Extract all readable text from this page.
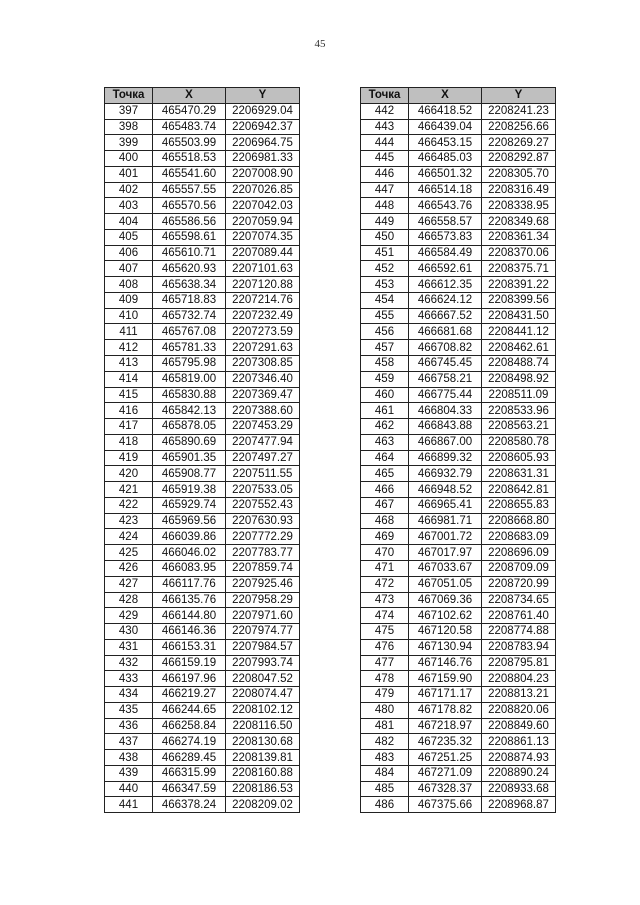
45
Точка	X	Y
397	465470.29	2206929.04
398	465483.74	2206942.37
399	465503.99	2206964.75
400	465518.53	2206981.33
401	465541.60	2207008.90
402	465557.55	2207026.85
403	465570.56	2207042.03
404	465586.56	2207059.94
405	465598.61	2207074.35
406	465610.71	2207089.44
407	465620.93	2207101.63
408	465638.34	2207120.88
409	465718.83	2207214.76
410	465732.74	2207232.49
411	465767.08	2207273.59
412	465781.33	2207291.63
413	465795.98	2207308.85
414	465819.00	2207346.40
415	465830.88	2207369.47
416	465842.13	2207388.60
417	465878.05	2207453.29
418	465890.69	2207477.94
419	465901.35	2207497.27
420	465908.77	2207511.55
421	465919.38	2207533.05
422	465929.74	2207552.43
423	465969.56	2207630.93
424	466039.86	2207772.29
425	466046.02	2207783.77
426	466083.95	2207859.74
427	466117.76	2207925.46
428	466135.76	2207958.29
429	466144.80	2207971.60
430	466146.36	2207974.77
431	466153.31	2207984.57
432	466159.19	2207993.74
433	466197.96	2208047.52
434	466219.27	2208074.47
435	466244.65	2208102.12
436	466258.84	2208116.50
437	466274.19	2208130.68
438	466289.45	2208139.81
439	466315.99	2208160.88
440	466347.59	2208186.53
441	466378.24	2208209.02
Точка	X	Y
442	466418.52	2208241.23
443	466439.04	2208256.66
444	466453.15	2208269.27
445	466485.03	2208292.87
446	466501.32	2208305.70
447	466514.18	2208316.49
448	466543.76	2208338.95
449	466558.57	2208349.68
450	466573.83	2208361.34
451	466584.49	2208370.06
452	466592.61	2208375.71
453	466612.35	2208391.22
454	466624.12	2208399.56
455	466667.52	2208431.50
456	466681.68	2208441.12
457	466708.82	2208462.61
458	466745.45	2208488.74
459	466758.21	2208498.92
460	466775.44	2208511.09
461	466804.33	2208533.96
462	466843.88	2208563.21
463	466867.00	2208580.78
464	466899.32	2208605.93
465	466932.79	2208631.31
466	466948.52	2208642.81
467	466965.41	2208655.83
468	466981.71	2208668.80
469	467001.72	2208683.09
470	467017.97	2208696.09
471	467033.67	2208709.09
472	467051.05	2208720.99
473	467069.36	2208734.65
474	467102.62	2208761.40
475	467120.58	2208774.88
476	467130.94	2208783.94
477	467146.76	2208795.81
478	467159.90	2208804.23
479	467171.17	2208813.21
480	467178.82	2208820.06
481	467218.97	2208849.60
482	467235.32	2208861.13
483	467251.25	2208874.93
484	467271.09	2208890.24
485	467328.37	2208933.68
486	467375.66	2208968.87
